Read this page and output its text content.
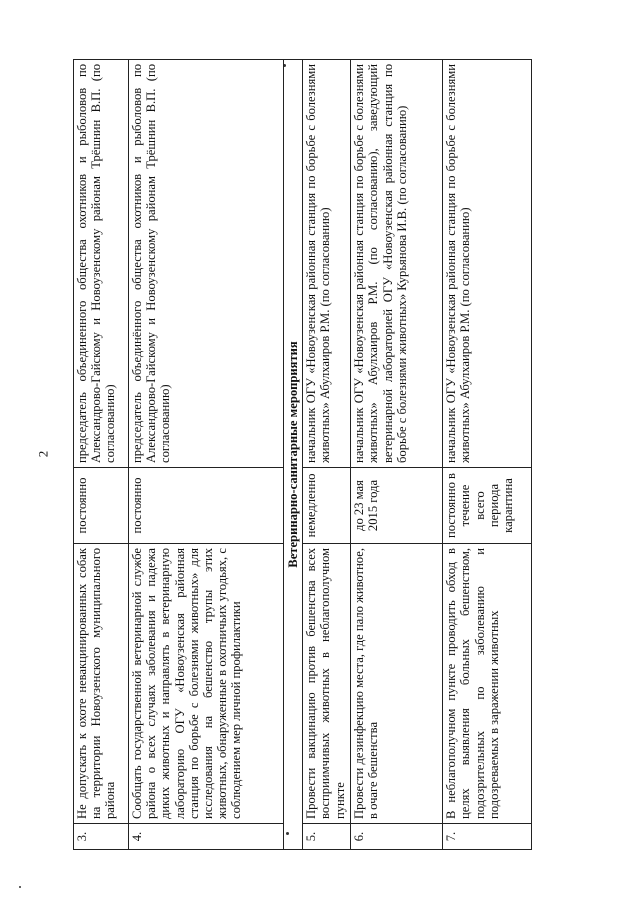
2
3.	Не допускать к охоте невакцинированных собак на территории Новоузенского муниципального района	постоянно	председатель объединенного общества охотников и рыболовов по Александрово-Гайскому и Новоузенскому районам Трёшнин В.П. (по согласованию)
4.	Сообщать государственной ветеринарной службе района о всех случаях заболевания и падежа диких животных и направлять в ветеринарную лабораторию ОГУ «Новоузенская районная станция по борьбе с болезнями животных» для исследования на бешенство трупы этих животных, обнаруженные в охотничьих угодьях, с соблюдением мер личной профилактики	постоянно	председатель объединённого общества охотников и рыболовов по Александрово-Гайскому и Новоузенскому районам Трёшнин В.П. (по согласованию)
Ветеринарно-санитарные мероприятия			
5.	Провести вакцинацию против бешенства всех восприимчивых животных в неблагополучном пункте	немедленно	начальник ОГУ «Новоузенская районная станция по борьбе с болезнями животных» Абулхаиров Р.М. (по согласованию)
6.	Провести дезинфекцию места, где пало животное, в очаге бешенства	до 23 мая 2015 года	начальник ОГУ «Новоузенская районная станция по борьбе с болезнями животных» Абулхаиров Р.М. (по согласованию), заведующий ветеринарной лабораторией ОГУ «Новоузенская районная станция по борьбе с болезнями животных» Курьянова И.В. (по согласованию)
7.	В неблагополучном пункте проводить обход в целях выявления больных бешенством, подозрительных по заболеванию и подозреваемых в заражении животных	постоянно в течение всего периода карантина	начальник ОГУ «Новоузенская районная станция по борьбе с болезнями животных» Абулхаиров Р.М. (по согласованию)
